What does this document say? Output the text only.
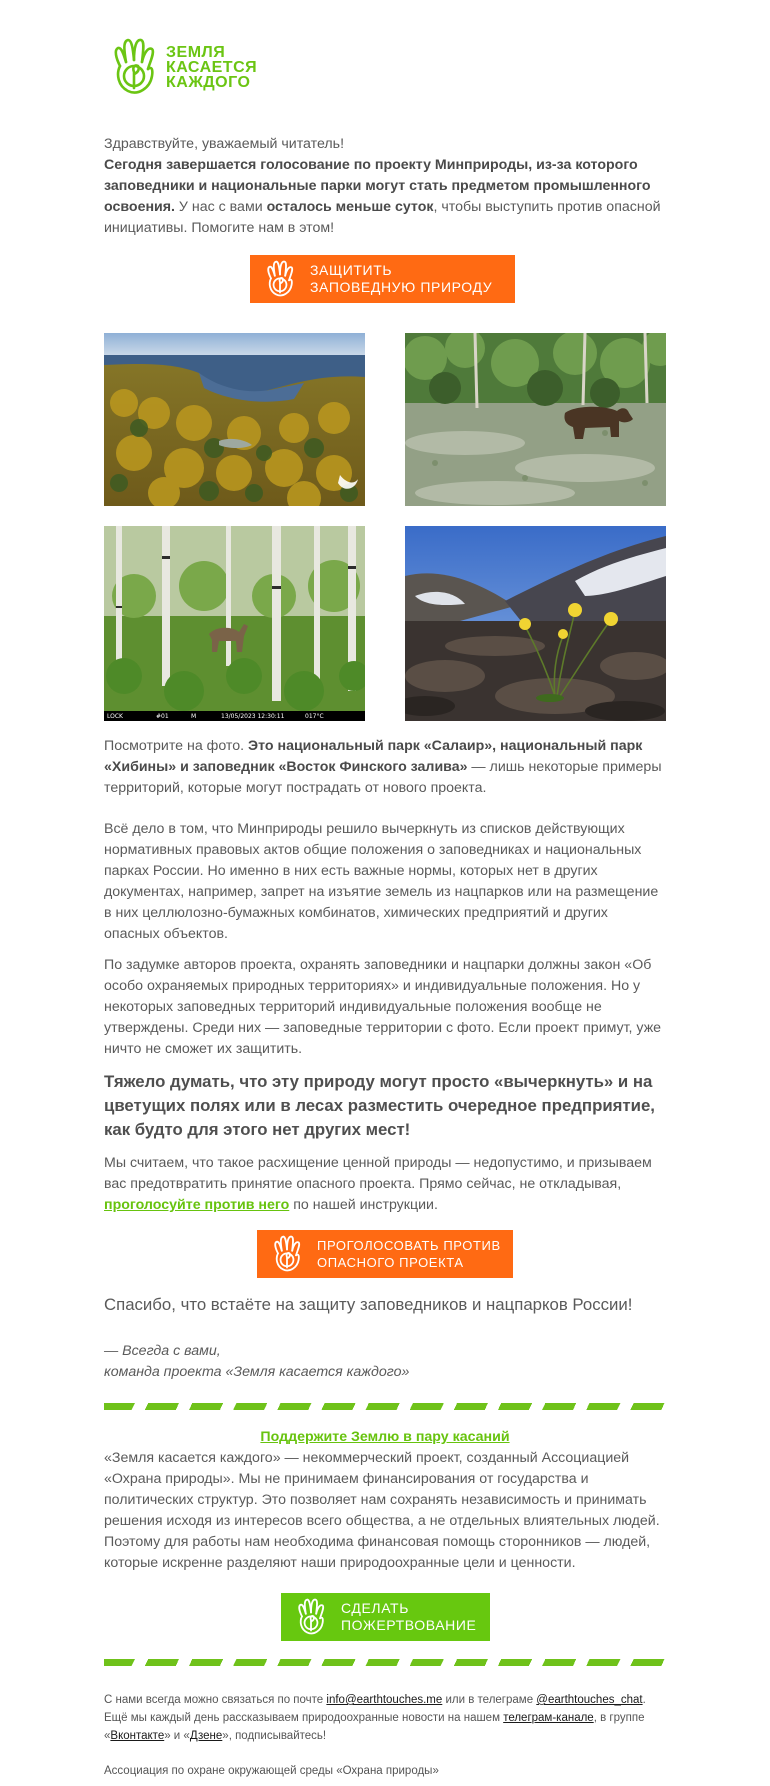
ЗЕМЛЯ
КАСАЕТСЯ
КАЖДОГО

Здравствуйте, уважаемый читатель!

Сегодня завершается голосование по проекту Минприроды, из-за которого заповедники и национальные парки могут стать предметом промышленного освоения. У нас с вами осталось меньше суток, чтобы выступить против опасной инициативы. Помогите нам в этом!

ЗАЩИТИТЬ
ЗАПОВЕДНУЮ ПРИРОДУ
LOCK	#01	M	13/05/2023 12:30:11	017°C

Посмотрите на фото. Это национальный парк «Салаир», национальный парк «Хибины» и заповедник «Восток Финского залива» — лишь некоторые примеры территорий, которые могут пострадать от нового проекта.

Всё дело в том, что Минприроды решило вычеркнуть из списков действующих нормативных правовых актов общие положения о заповедниках и национальных парках России. Но именно в них есть важные нормы, которых нет в других документах, например, запрет на изъятие земель из нацпарков или на размещение в них целлюлозно-бумажных комбинатов, химических предприятий и других опасных объектов.

По задумке авторов проекта, охранять заповедники и нацпарки должны закон «Об особо охраняемых природных территориях» и индивидуальные положения. Но у некоторых заповедных территорий индивидуальные положения вообще не утверждены. Среди них — заповедные территории с фото. Если проект примут, уже ничто не сможет их защитить.

Тяжело думать, что эту природу могут просто «вычеркнуть» и на цветущих полях или в лесах разместить очередное предприятие, как будто для этого нет других мест!

Мы считаем, что такое расхищение ценной природы — недопустимо, и призываем вас предотвратить принятие опасного проекта. Прямо сейчас, не откладывая, проголосуйте против него по нашей инструкции.

ПРОГОЛОСОВАТЬ ПРОТИВ
ОПАСНОГО ПРОЕКТА

Спасибо, что встаёте на защиту заповедников и нацпарков России!

— Всегда с вами,
команда проекта «Земля касается каждого»

Поддержите Землю в пару касаний

«Земля касается каждого» — некоммерческий проект, созданный Ассоциацией «Охрана природы». Мы не принимаем финансирования от государства и политических структур. Это позволяет нам сохранять независимость и принимать решения исходя из интересов всего общества, а не отдельных влиятельных людей. Поэтому для работы нам необходима финансовая помощь сторонников — людей, которые искренне разделяют наши природоохранные цели и ценности.

СДЕЛАТЬ
ПОЖЕРТВОВАНИЕ

С нами всегда можно связаться по почте info@earthtouches.me или в телеграме @earthtouches_chat. Ещё мы каждый день рассказываем природоохранные новости на нашем телеграм-канале, в группе «Вконтакте» и «Дзене», подписывайтесь!

Ассоциация по охране окружающей среды «Охрана природы»
